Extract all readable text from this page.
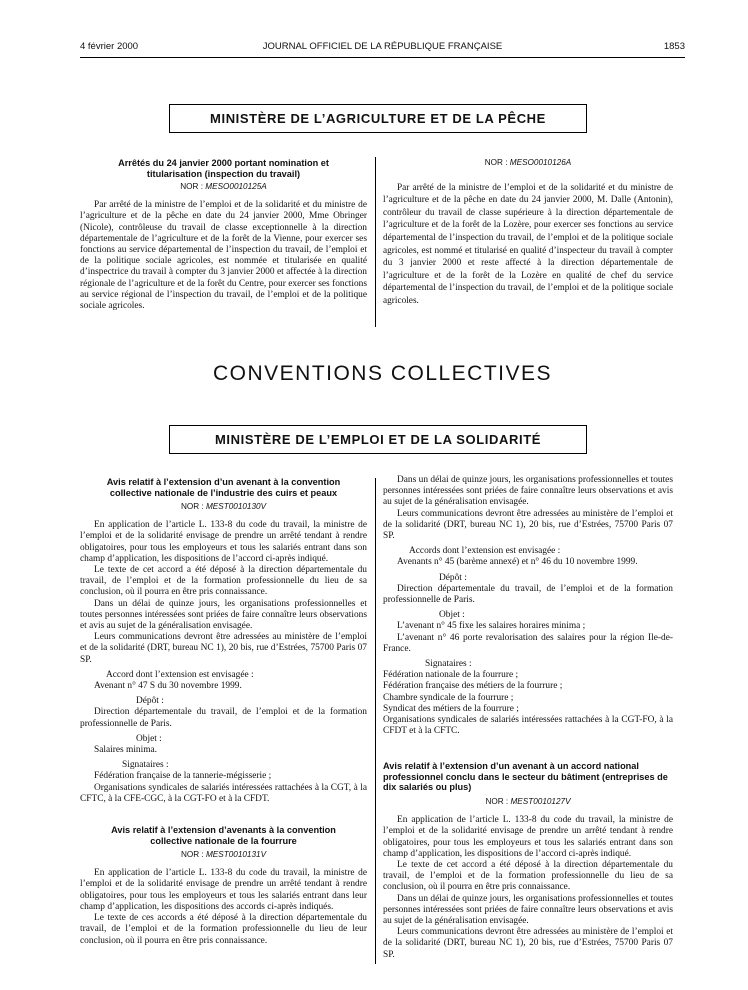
4 février 2000	JOURNAL OFFICIEL DE LA RÉPUBLIQUE FRANÇAISE	1853
MINISTÈRE DE L’AGRICULTURE ET DE LA PÊCHE
Arrêtés du 24 janvier 2000 portant nomination et titularisation (inspection du travail)
NOR : MESO0010125A

Par arrêté de la ministre de l’emploi et de la solidarité et du ministre de l’agriculture et de la pêche en date du 24 janvier 2000, Mme Obringer (Nicole), contrôleuse du travail de classe exceptionnelle à la direction départementale de l’agriculture et de la forêt de la Vienne, pour exercer ses fonctions au service départemental de l’inspection du travail, de l’emploi et de la politique sociale agricoles, est nommée et titularisée en qualité d’inspectrice du travail à compter du 3 janvier 2000 et affectée à la direction régionale de l’agriculture et de la forêt du Centre, pour exercer ses fonctions au service régional de l’inspection du travail, de l’emploi et de la politique sociale agricoles.

NOR : MESO0010126A

Par arrêté de la ministre de l’emploi et de la solidarité et du ministre de l’agriculture et de la pêche en date du 24 janvier 2000, M. Dalle (Antonin), contrôleur du travail de classe supérieure à la direction départementale de l’agriculture et de la forêt de la Lozère, pour exercer ses fonctions au service départemental de l’inspection du travail, de l’emploi et de la politique sociale agricoles, est nommé et titularisé en qualité d’inspecteur du travail à compter du 3 janvier 2000 et reste affecté à la direction départementale de l’agriculture et de la forêt de la Lozère en qualité de chef du service départemental de l’inspection du travail, de l’emploi et de la politique sociale agricoles.

CONVENTIONS COLLECTIVES
MINISTÈRE DE L’EMPLOI ET DE LA SOLIDARITÉ
Avis relatif à l’extension d’un avenant à la convention collective nationale de l’industrie des cuirs et peaux
NOR : MEST0010130V

En application de l’article L. 133-8 du code du travail, la ministre de l’emploi et de la solidarité envisage de prendre un arrêté tendant à rendre obligatoires, pour tous les employeurs et tous les salariés entrant dans son champ d’application, les dispositions de l’accord ci-après indiqué.

Le texte de cet accord a été déposé à la direction départementale du travail, de l’emploi et de la formation professionnelle du lieu de sa conclusion, où il pourra en être pris connaissance.

Dans un délai de quinze jours, les organisations professionnelles et toutes personnes intéressées sont priées de faire connaître leurs observations et avis au sujet de la généralisation envisagée.

Leurs communications devront être adressées au ministère de l’emploi et de la solidarité (DRT, bureau NC 1), 20 bis, rue d’Estrées, 75700 Paris 07 SP.

Accord dont l’extension est envisagée :

Avenant n° 47 S du 30 novembre 1999.

Dépôt :

Direction départementale du travail, de l’emploi et de la formation professionnelle de Paris.

Objet :

Salaires minima.

Signataires :

Fédération française de la tannerie-mégisserie ;

Organisations syndicales de salariés intéressées rattachées à la CGT, à la CFTC, à la CFE-CGC, à la CGT-FO et à la CFDT.

Avis relatif à l’extension d’avenants à la convention collective nationale de la fourrure
NOR : MEST0010131V

En application de l’article L. 133-8 du code du travail, la ministre de l’emploi et de la solidarité envisage de prendre un arrêté tendant à rendre obligatoires, pour tous les employeurs et tous les salariés entrant dans leur champ d’application, les dispositions des accords ci-après indiqués.

Le texte de ces accords a été déposé à la direction départementale du travail, de l’emploi et de la formation professionnelle du lieu de leur conclusion, où il pourra en être pris connaissance.

Dans un délai de quinze jours, les organisations professionnelles et toutes personnes intéressées sont priées de faire connaître leurs observations et avis au sujet de la généralisation envisagée.

Leurs communications devront être adressées au ministère de l’emploi et de la solidarité (DRT, bureau NC 1), 20 bis, rue d’Estrées, 75700 Paris 07 SP.

Accords dont l’extension est envisagée :

Avenants n° 45 (barème annexé) et n° 46 du 10 novembre 1999.

Dépôt :

Direction départementale du travail, de l’emploi et de la formation professionnelle de Paris.

Objet :

L’avenant n° 45 fixe les salaires horaires minima ;

L’avenant n° 46 porte revalorisation des salaires pour la région Ile-de-France.

Signataires :

Fédération nationale de la fourrure ;

Fédération française des métiers de la fourrure ;

Chambre syndicale de la fourrure ;

Syndicat des métiers de la fourrure ;

Organisations syndicales de salariés intéressées rattachées à la CGT-FO, à la CFDT et à la CFTC.

Avis relatif à l’extension d’un avenant à un accord national professionnel conclu dans le secteur du bâtiment (entreprises de dix salariés ou plus)
NOR : MEST0010127V

En application de l’article L. 133-8 du code du travail, la ministre de l’emploi et de la solidarité envisage de prendre un arrêté tendant à rendre obligatoires, pour tous les employeurs et tous les salariés entrant dans son champ d’application, les dispositions de l’accord ci-après indiqué.

Le texte de cet accord a été déposé à la direction départementale du travail, de l’emploi et de la formation professionnelle du lieu de sa conclusion, où il pourra en être pris connaissance.

Dans un délai de quinze jours, les organisations professionnelles et toutes personnes intéressées sont priées de faire connaître leurs observations et avis au sujet de la généralisation envisagée.

Leurs communications devront être adressées au ministère de l’emploi et de la solidarité (DRT, bureau NC 1), 20 bis, rue d’Estrées, 75700 Paris 07 SP.
